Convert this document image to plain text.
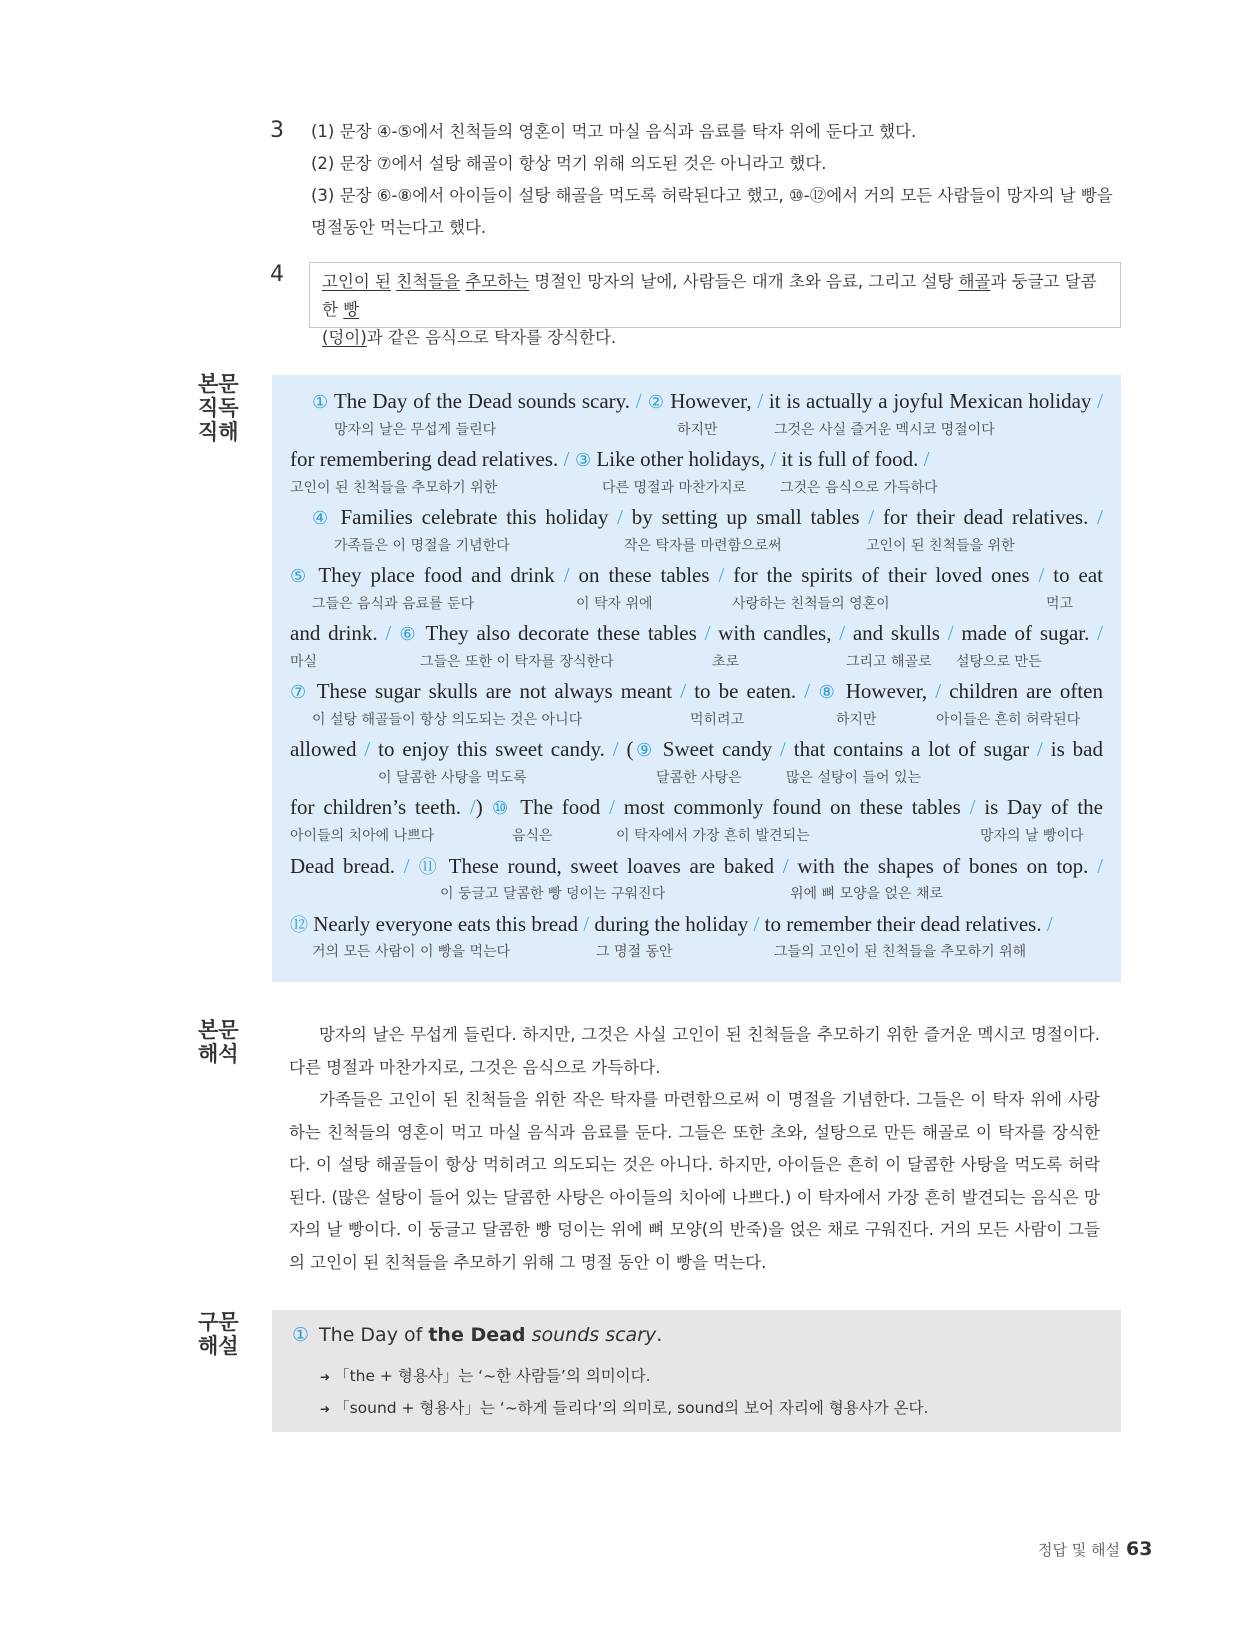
3 (1) 문장 ④-⑤에서 친척들의 영혼이 먹고 마실 음식과 음료를 탁자 위에 둔다고 했다.

(2) 문장 ⑦에서 설탕 해골이 항상 먹기 위해 의도된 것은 아니라고 했다.

(3) 문장 ⑥-⑧에서 아이들이 설탕 해골을 먹도록 허락된다고 했고, ⑩-⑫에서 거의 모든 사람들이 망자의 날 빵을

명절동안 먹는다고 했다.

4	고인이 된 친척들을 추모하는 명절인 망자의 날에, 사람들은 대개 초와 음료, 그리고 설탕 해골과 둥글고 달콤한 빵
(덩이)과 같은 음식으로 탁자를 장식한다.
본문
직독
직해
① The Day of the Dead sounds scary. / ② However, / it is actually a joyful Mexican holiday /
망자의 날은 무섭게 들린다	하지만	그것은 사실 즐거운 멕시코 명절이다
for remembering dead relatives. / ③ Like other holidays, / it is full of food. /
고인이 된 친척들을 추모하기 위한	다른 명절과 마찬가지로 그것은 음식으로 가득하다
④ Families celebrate this holiday / by setting up small tables / for their dead relatives. /
가족들은 이 명절을 기념한다	작은 탁자를 마련함으로써	고인이 된 친척들을 위한
⑤ They place food and drink / on these tables / for the spirits of their loved ones / to eat
그들은 음식과 음료를 둔다	이 탁자 위에	사랑하는 친척들의 영혼이	먹고
and drink. / ⑥ They also decorate these tables / with candles, / and skulls / made of sugar. /
마실	그들은 또한 이 탁자를 장식한다	초로	그리고 해골로 설탕으로 만든
⑦ These sugar skulls are not always meant / to be eaten. / ⑧ However, / children are often
이 설탕 해골들이 항상 의도되는 것은 아니다	먹히려고	하지만	아이들은 흔히 허락된다
allowed / to enjoy this sweet candy. / (⑨ Sweet candy / that contains a lot of sugar / is bad
이 달콤한 사탕을 먹도록	달콤한 사탕은	많은 설탕이 들어 있는
for children’s teeth. /) ⑩ The food / most commonly found on these tables / is Day of the
아이들의 치아에 나쁘다	음식은	이 탁자에서 가장 흔히 발견되는	망자의 날 빵이다
Dead bread. / ⑪ These round, sweet loaves are baked / with the shapes of bones on top. /
이 둥글고 달콤한 빵 덩이는 구워진다	위에 뼈 모양을 얹은 채로
⑫ Nearly everyone eats this bread / during the holiday / to remember their dead relatives. /
거의 모든 사람이 이 빵을 먹는다	그 명절 동안	그들의 고인이 된 친척들을 추모하기 위해
본문
해석

망자의 날은 무섭게 들린다. 하지만, 그것은 사실 고인이 된 친척들을 추모하기 위한 즐거운 멕시코 명절이다. 다른 명절과 마찬가지로, 그것은 음식으로 가득하다.

가족들은 고인이 된 친척들을 위한 작은 탁자를 마련함으로써 이 명절을 기념한다. 그들은 이 탁자 위에 사랑하는 친척들의 영혼이 먹고 마실 음식과 음료를 둔다. 그들은 또한 초와, 설탕으로 만든 해골로 이 탁자를 장식한다. 이 설탕 해골들이 항상 먹히려고 의도되는 것은 아니다. 하지만, 아이들은 흔히 이 달콤한 사탕을 먹도록 허락된다. (많은 설탕이 들어 있는 달콤한 사탕은 아이들의 치아에 나쁘다.) 이 탁자에서 가장 흔히 발견되는 음식은 망자의 날 빵이다. 이 둥글고 달콤한 빵 덩이는 위에 뼈 모양(의 반죽)을 얹은 채로 구워진다. 거의 모든 사람이 그들의 고인이 된 친척들을 추모하기 위해 그 명절 동안 이 빵을 먹는다.

구문
해설	① The Day of the Dead sounds scary.
➜ 「the + 형용사」는 ‘~한 사람들’의 의미이다.
➜ 「sound + 형용사」는 ‘~하게 들리다’의 의미로, sound의 보어 자리에 형용사가 온다.
정답 및 해설 63
